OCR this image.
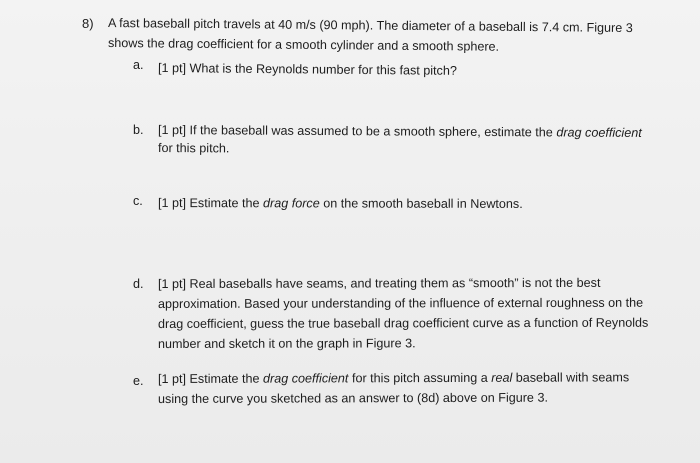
8) A fast baseball pitch travels at 40 m/s (90 mph). The diameter of a baseball is 7.4 cm. Figure 3
shows the drag coefficient for a smooth cylinder and a smooth sphere.
a. [1 pt] What is the Reynolds number for this fast pitch?
b. [1 pt] If the baseball was assumed to be a smooth sphere, estimate the drag coefficient
for this pitch.
c. [1 pt] Estimate the drag force on the smooth baseball in Newtons.
d. [1 pt] Real baseballs have seams, and treating them as “smooth” is not the best
approximation. Based your understanding of the influence of external roughness on the
drag coefficient, guess the true baseball drag coefficient curve as a function of Reynolds
number and sketch it on the graph in Figure 3.
e. [1 pt] Estimate the drag coefficient for this pitch assuming a real baseball with seams
using the curve you sketched as an answer to (8d) above on Figure 3.
